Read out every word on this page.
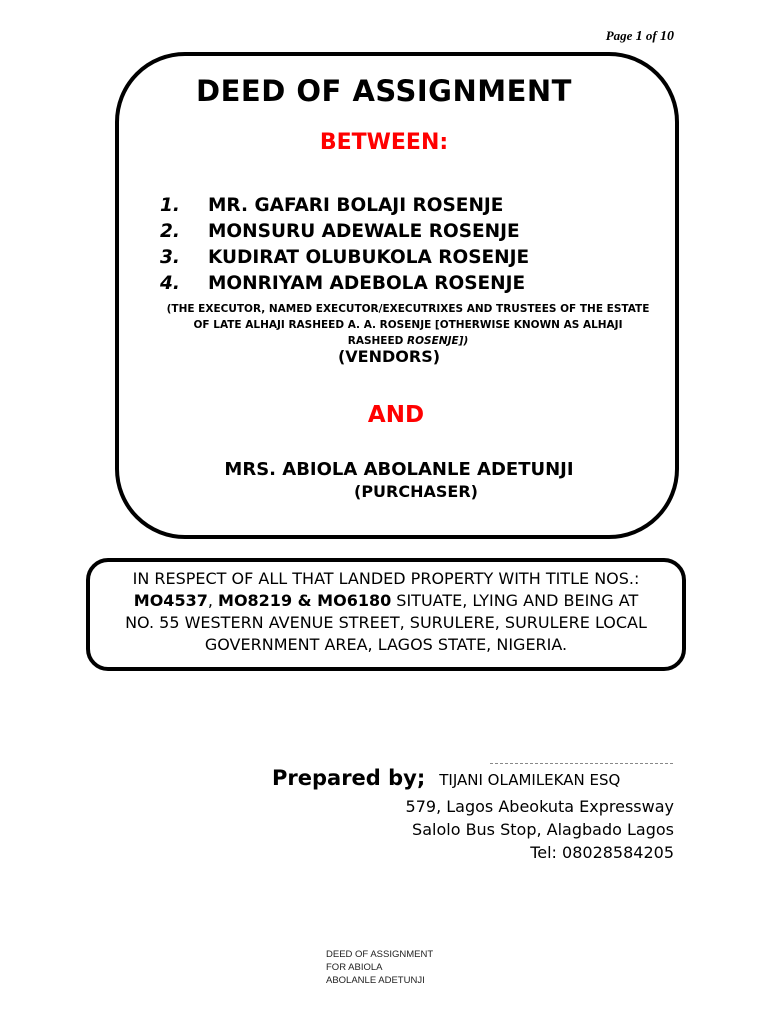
Page 1 of 10
DEED OF ASSIGNMENT
BETWEEN:
1. MR. GAFARI BOLAJI ROSENJE
2. MONSURU ADEWALE ROSENJE
3. KUDIRAT OLUBUKOLA ROSENJE
4. MONRIYAM ADEBOLA ROSENJE
(THE EXECUTOR, NAMED EXECUTOR/EXECUTRIXES AND TRUSTEES OF THE ESTATE
OF LATE ALHAJI RASHEED A. A. ROSENJE [OTHERWISE KNOWN AS ALHAJI
RASHEED ROSENJE])
(VENDORS)
AND
MRS. ABIOLA ABOLANLE ADETUNJI
(PURCHASER)
IN RESPECT OF ALL THAT LANDED PROPERTY WITH TITLE NOS.:
MO4537, MO8219 & MO6180 SITUATE, LYING AND BEING AT
NO. 55 WESTERN AVENUE STREET, SURULERE, SURULERE LOCAL
GOVERNMENT AREA, LAGOS STATE, NIGERIA.
Prepared by; TIJANI OLAMILEKAN ESQ
579, Lagos Abeokuta Expressway
Salolo Bus Stop, Alagbado Lagos
Tel: 08028584205
DEED OF ASSIGNMENT
FOR ABIOLA
ABOLANLE ADETUNJI
